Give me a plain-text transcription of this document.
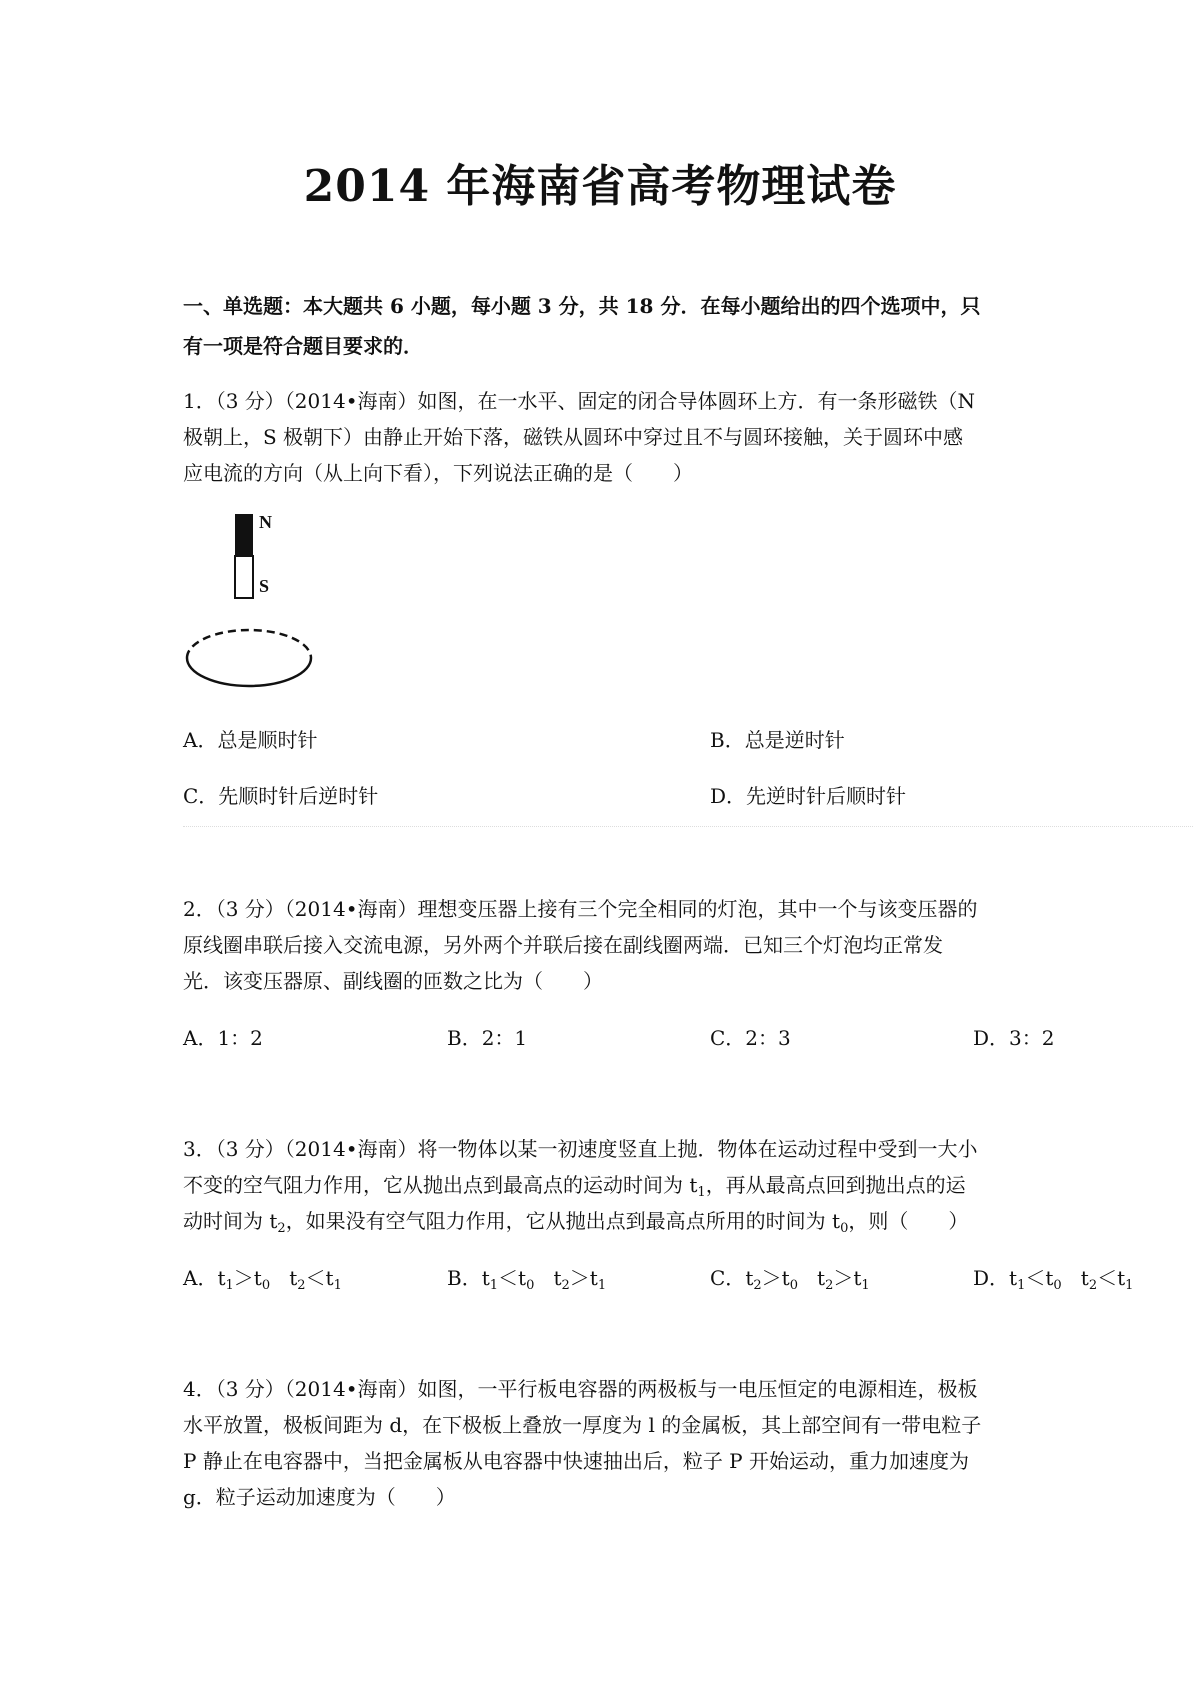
2014 年海南省高考物理试卷
一、单选题：本大题共 6 小题，每小题 3 分，共 18 分．在每小题给出的四个选项中，只
有一项是符合题目要求的．
1．（3 分）（2014•海南）如图，在一水平、固定的闭合导体圆环上方．有一条形磁铁（N
极朝上，S 极朝下）由静止开始下落，磁铁从圆环中穿过且不与圆环接触，关于圆环中感
应电流的方向（从上向下看），下列说法正确的是（　　）
N
S
A．总是顺时针	B．总是逆时针
C．先顺时针后逆时针	D．先逆时针后顺时针
2．（3 分）（2014•海南）理想变压器上接有三个完全相同的灯泡，其中一个与该变压器的
原线圈串联后接入交流电源，另外两个并联后接在副线圈两端．已知三个灯泡均正常发
光．该变压器原、副线圈的匝数之比为（　　）
A．1：2	B．2：1	C．2：3	D．3：2
3．（3 分）（2014•海南）将一物体以某一初速度竖直上抛．物体在运动过程中受到一大小
不变的空气阻力作用，它从抛出点到最高点的运动时间为 $t_1$，再从最高点回到抛出点的运
动时间为 $t_2$，如果没有空气阻力作用，它从抛出点到最高点所用的时间为 $t_0$，则（　　）
A．$t_1>t_0$ $t_2<t_1$	B．$t_1<t_0$ $t_2>t_1$	C．$t_2>t_0$ $t_2>t_1$	D．$t_1<t_0$ $t_2<t_1$
4．（3 分）（2014•海南）如图，一平行板电容器的两极板与一电压恒定的电源相连，极板
水平放置，极板间距为 d，在下极板上叠放一厚度为 l 的金属板，其上部空间有一带电粒子
P 静止在电容器中，当把金属板从电容器中快速抽出后，粒子 P 开始运动，重力加速度为
g．粒子运动加速度为（　　）
